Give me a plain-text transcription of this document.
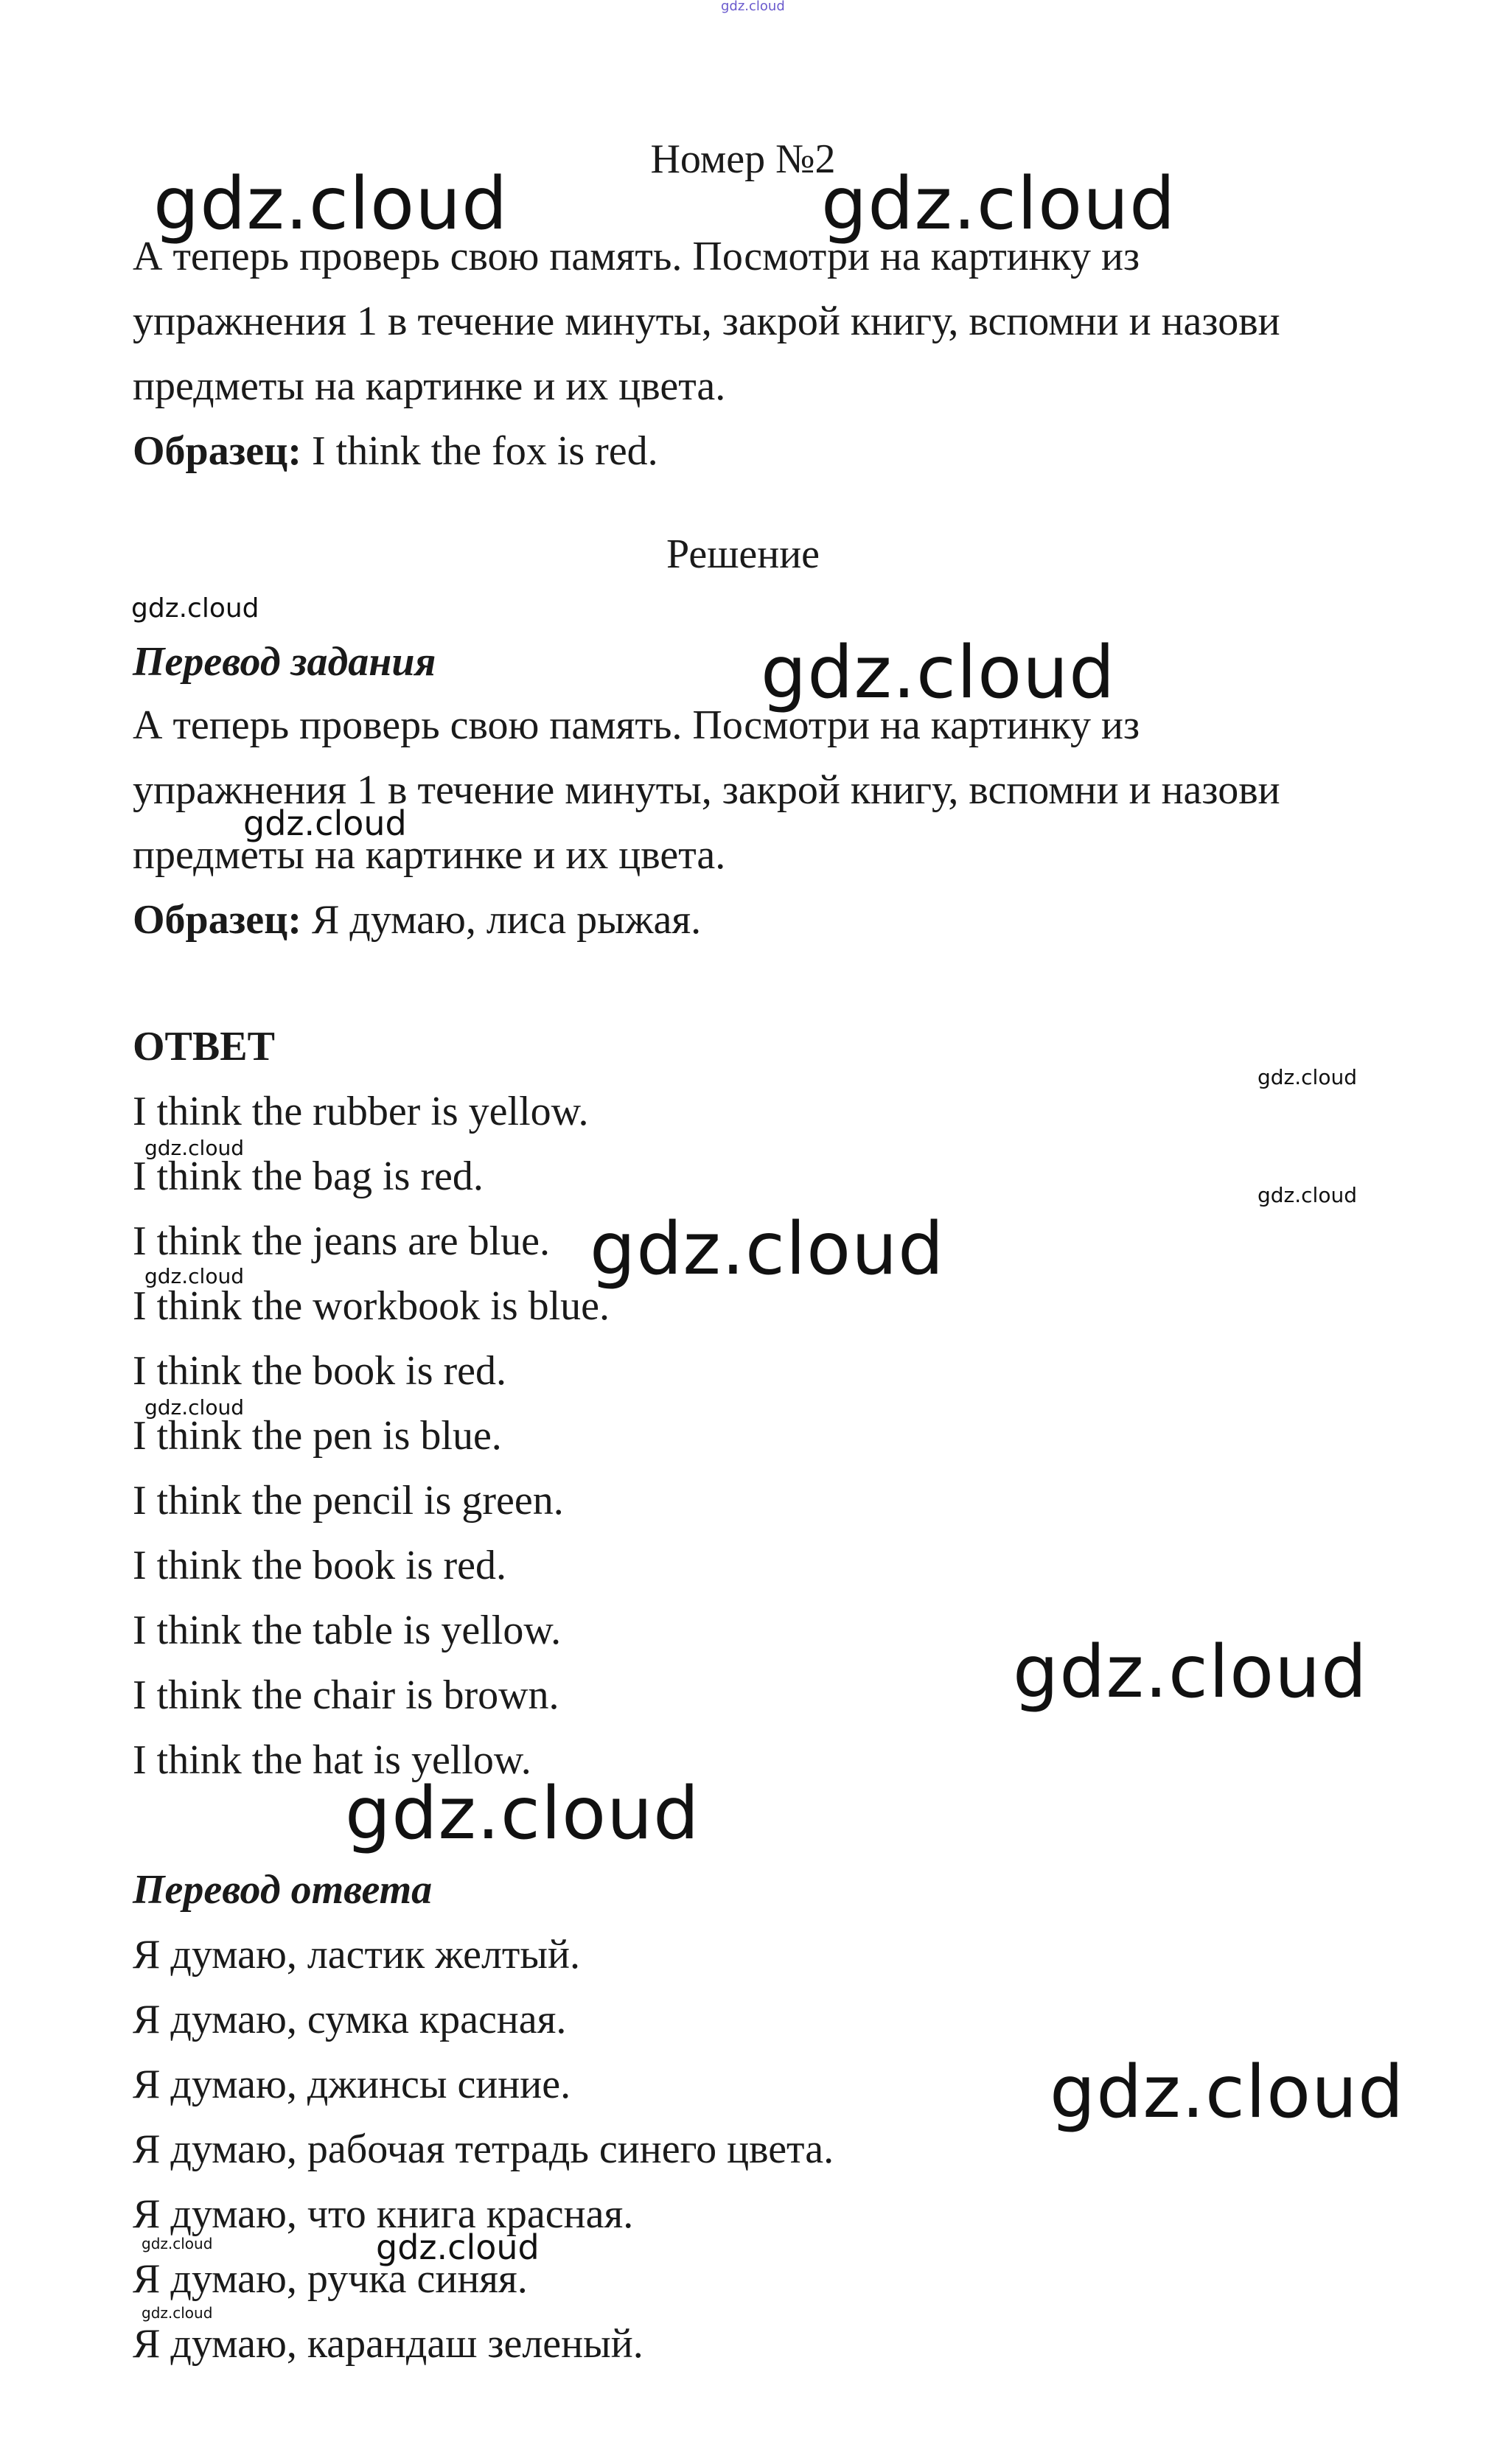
Номер №2

А теперь проверь свою память. Посмотри на картинку из

упражнения 1 в течение минуты, закрой книгу, вспомни и назови

предметы на картинке и их цвета.

Образец: I think the fox is red.

Решение

Перевод задания

А теперь проверь свою память. Посмотри на картинку из

упражнения 1 в течение минуты, закрой книгу, вспомни и назови

предметы на картинке и их цвета.

Образец: Я думаю, лиса рыжая.

ОТВЕТ

I think the rubber is yellow.

I think the bag is red.

I think the jeans are blue.

I think the workbook is blue.

I think the book is red.

I think the pen is blue.

I think the pencil is green.

I think the book is red.

I think the table is yellow.

I think the chair is brown.

I think the hat is yellow.

Перевод ответа

Я думаю, ластик желтый.

Я думаю, сумка красная.

Я думаю, джинсы синие.

Я думаю, рабочая тетрадь синего цвета.

Я думаю, что книга красная.

Я думаю, ручка синяя.

Я думаю, карандаш зеленый.

gdz.cloud
gdz.cloud	gdz.cloud
gdz.cloud
gdz.cloud
gdz.cloud
gdz.cloud
gdz.cloud
gdz.cloud
gdz.cloud
gdz.cloud
gdz.cloud
gdz.cloud
gdz.cloud
gdz.cloud
gdz.cloud	gdz.cloud
gdz.cloud
